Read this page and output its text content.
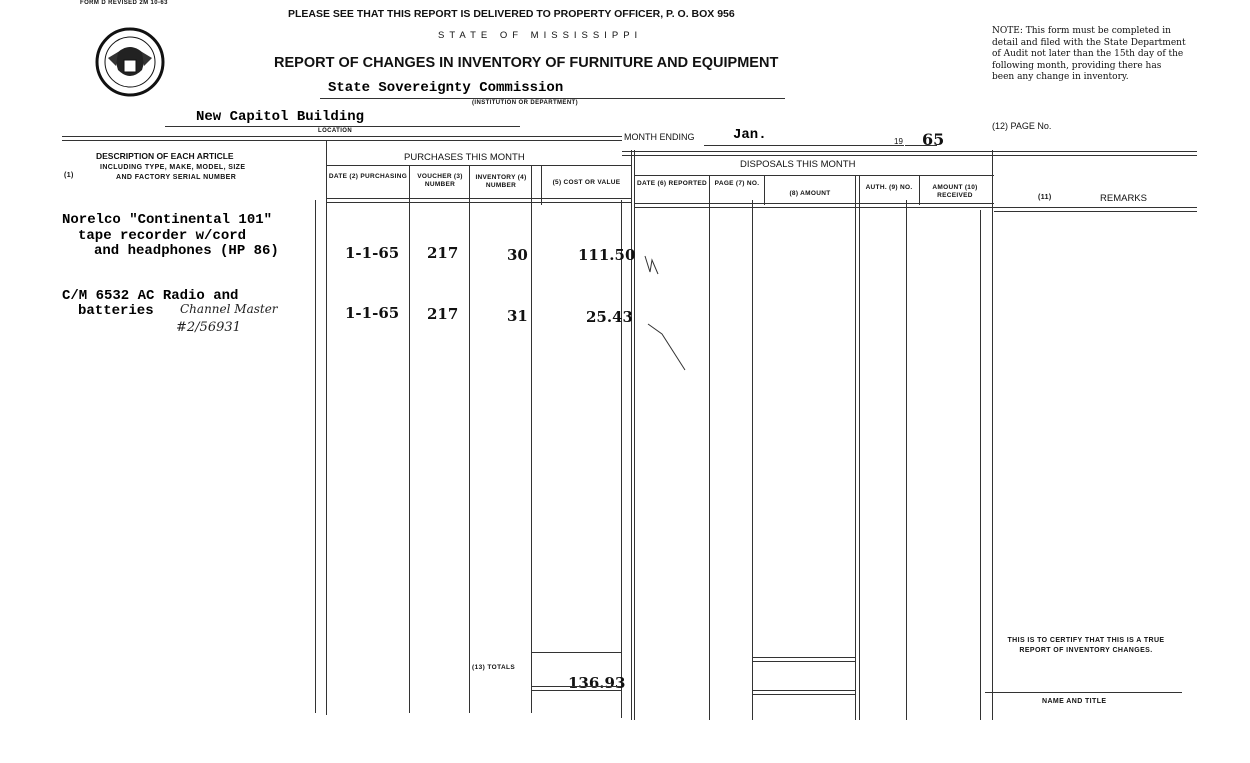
FORM D REVISED 2M 10-63
PLEASE SEE THAT THIS REPORT IS DELIVERED TO PROPERTY OFFICER, P. O. BOX 956
STATE OF MISSISSIPPI
REPORT OF CHANGES IN INVENTORY OF FURNITURE AND EQUIPMENT
State Sovereignty Commission
(INSTITUTION OR DEPARTMENT)
New Capitol Building
LOCATION
MONTH ENDING	Jan.	19 65
NOTE: This form must be completed in detail and filed with the State Department of Audit not later than the 15th day of the following month, providing there has been any change in inventory.
(12) PAGE No.
DESCRIPTION OF EACH ARTICLE
INCLUDING TYPE, MAKE, MODEL, SIZE
AND FACTORY SERIAL NUMBER
(1)
PURCHASES THIS MONTH
DISPOSALS THIS MONTH
DATE (2) PURCHASING	VOUCHER (3) NUMBER
INVENTORY (4) NUMBER	(5) COST OR VALUE	DATE (6) REPORTED	PAGE (7) NO.
(8) AMOUNT
AUTH. (9) NO.	AMOUNT (10) RECEIVED	(11)	REMARKS
Norelco "Continental 101"
tape recorder w/cord
and headphones (HP 86)	1-1-65 217	30	111.50
C/M 6532 AC Radio and
batteries Channel Master
#2/56931
1-1-65 217	31	25.43
(13) TOTALS
136.93
THIS IS TO CERTIFY THAT THIS IS A TRUE REPORT OF INVENTORY CHANGES.
NAME AND TITLE
